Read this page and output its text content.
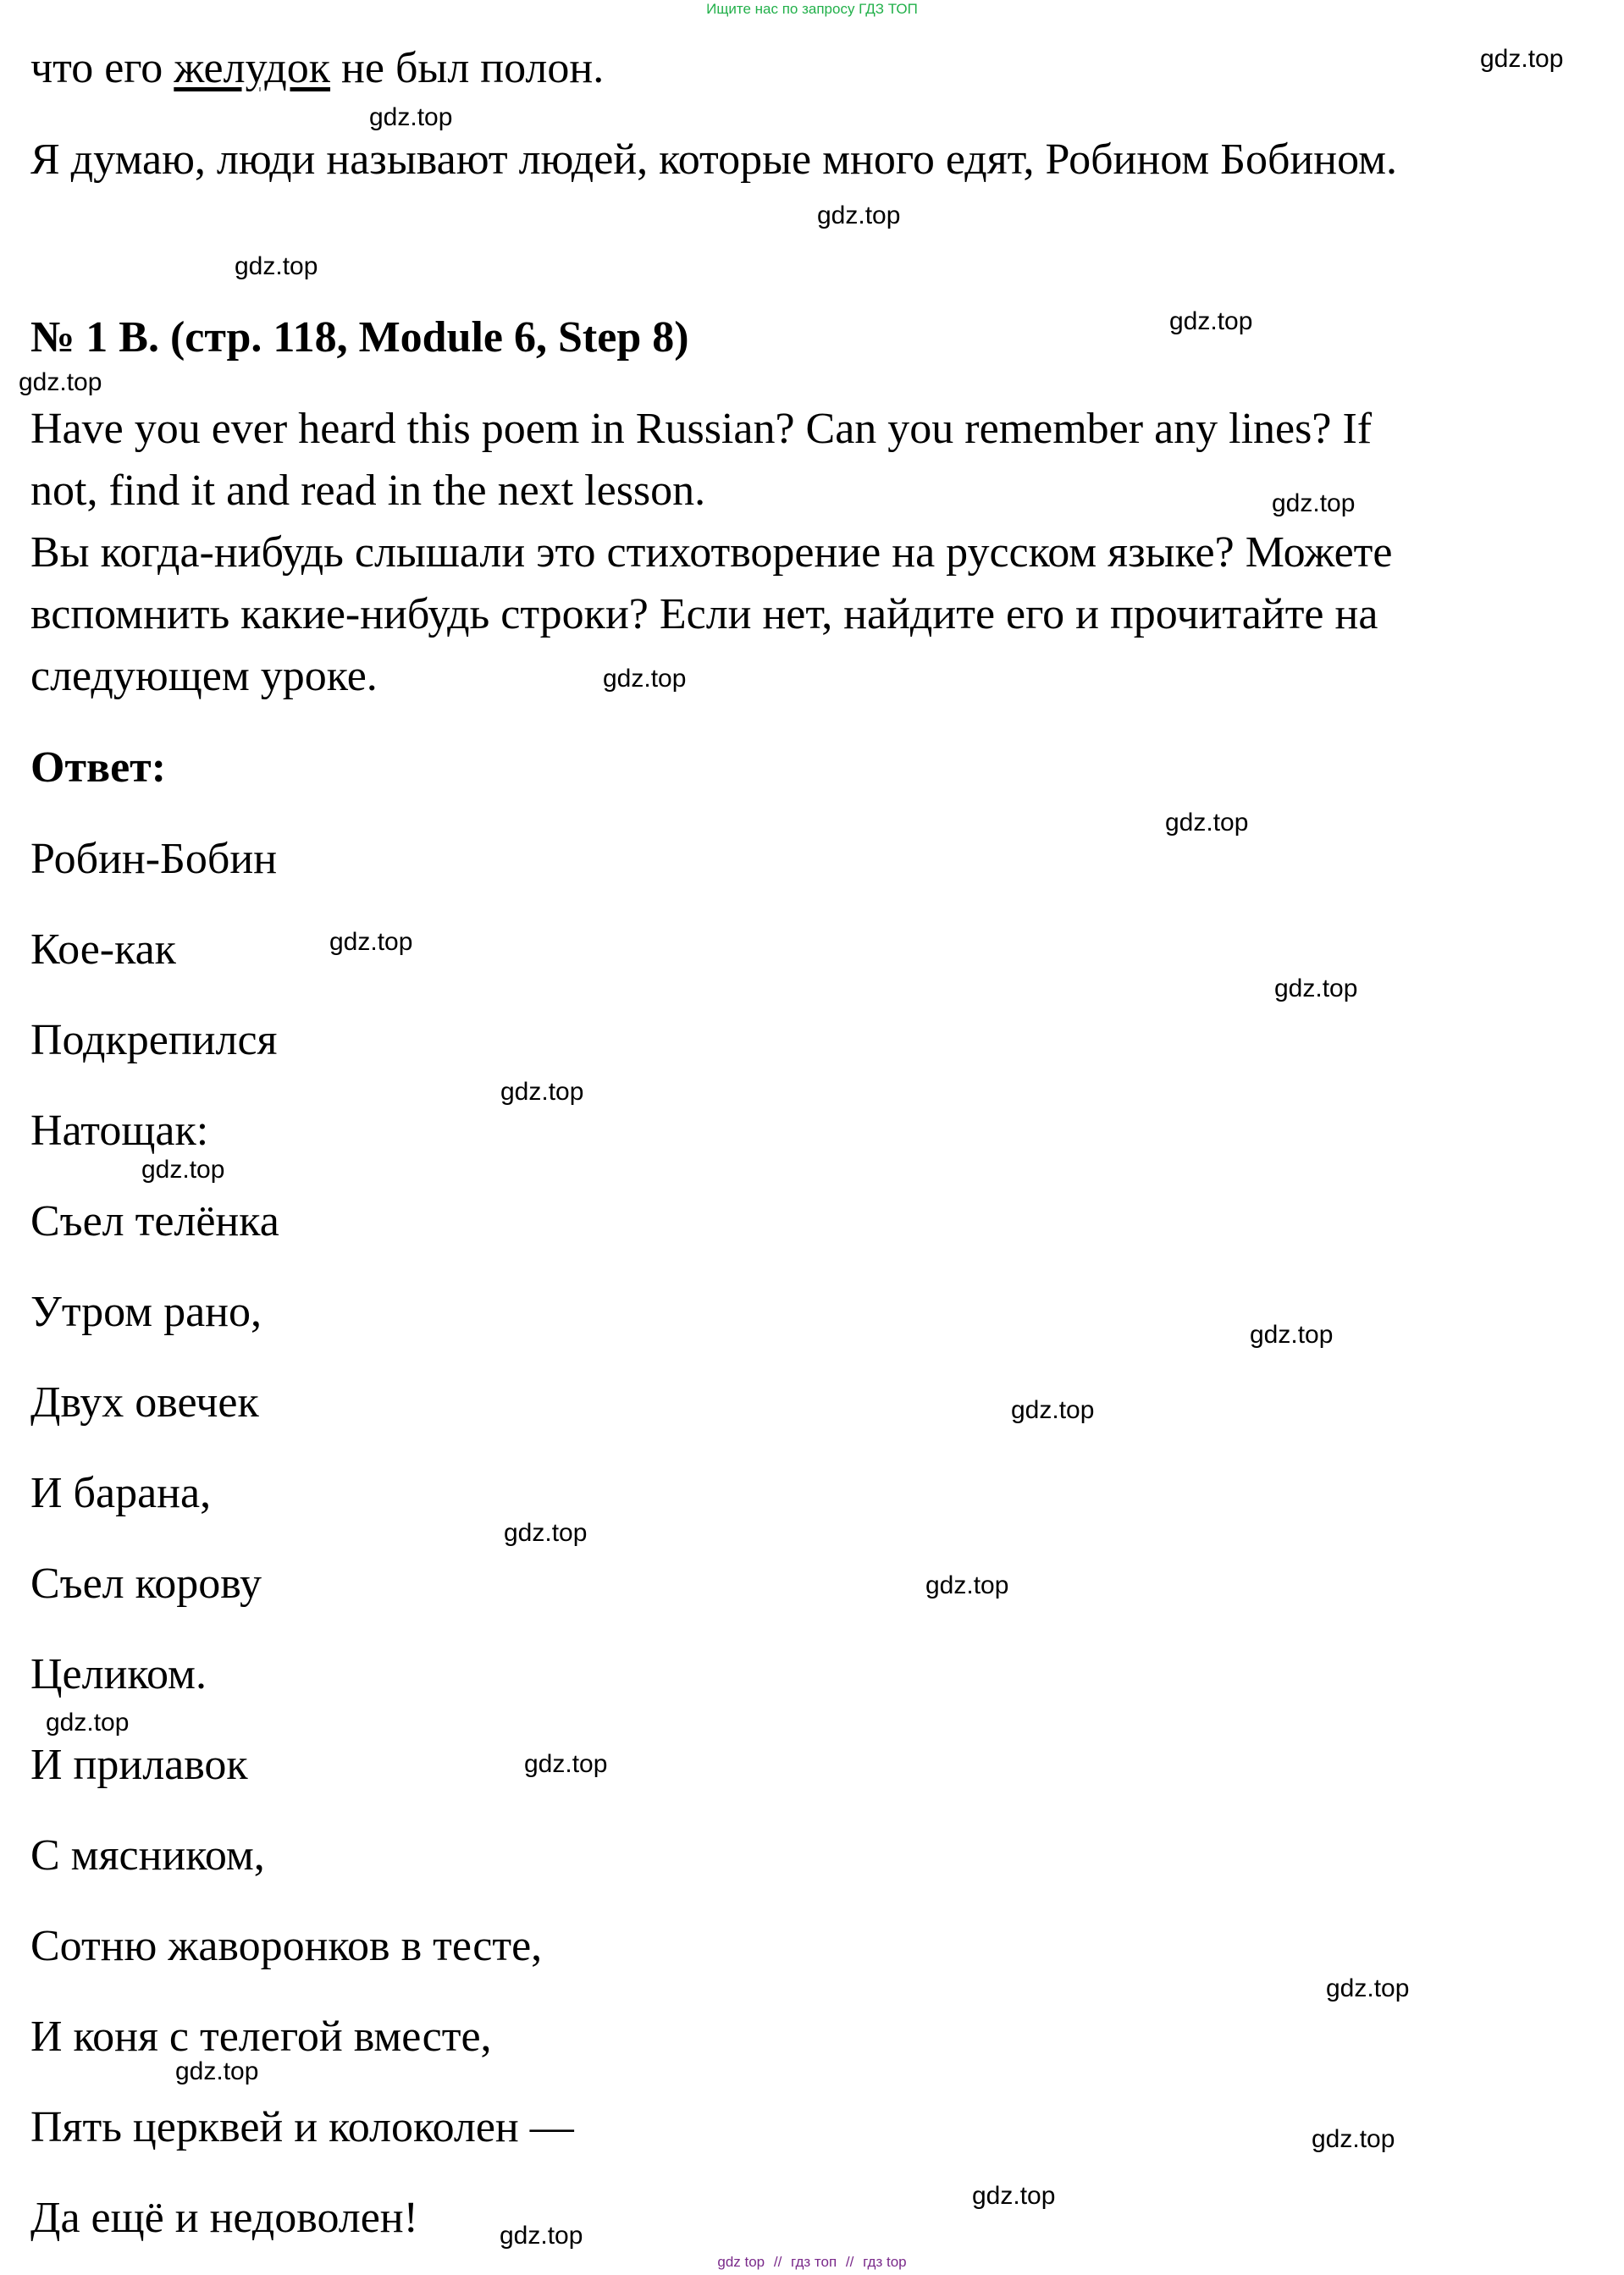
Ищите нас по запросу ГДЗ ТОП
что его желудок не был полон.
Я думаю, люди называют людей, которые много едят, Робином Бобином.
№ 1 B. (стр. 118, Module 6, Step 8)
Have you ever heard this poem in Russian? Can you remember any lines? If
not, find it and read in the next lesson.
Вы когда-нибудь слышали это стихотворение на русском языке? Можете
вспомнить какие-нибудь строки? Если нет, найдите его и прочитайте на
следующем уроке.
Ответ:
Робин-Бобин
Кое-как
Подкрепился
Натощак:
Съел телёнка
Утром рано,
Двух овечек
И барана,
Съел корову
Целиком.
И прилавок
С мясником,
Сотню жаворонков в тесте,
И коня с телегой вместе,
Пять церквей и колоколен —
Да ещё и недоволен!
gdz.top
gdz.top
gdz.top
gdz.top
gdz.top
gdz.top
gdz.top
gdz.top
gdz.top
gdz.top
gdz.top
gdz.top
gdz.top
gdz.top
gdz.top
gdz.top
gdz.top
gdz.top
gdz.top
gdz.top
gdz.top
gdz.top
gdz.top
gdz.top
gdz top // гдз топ // гдз top
